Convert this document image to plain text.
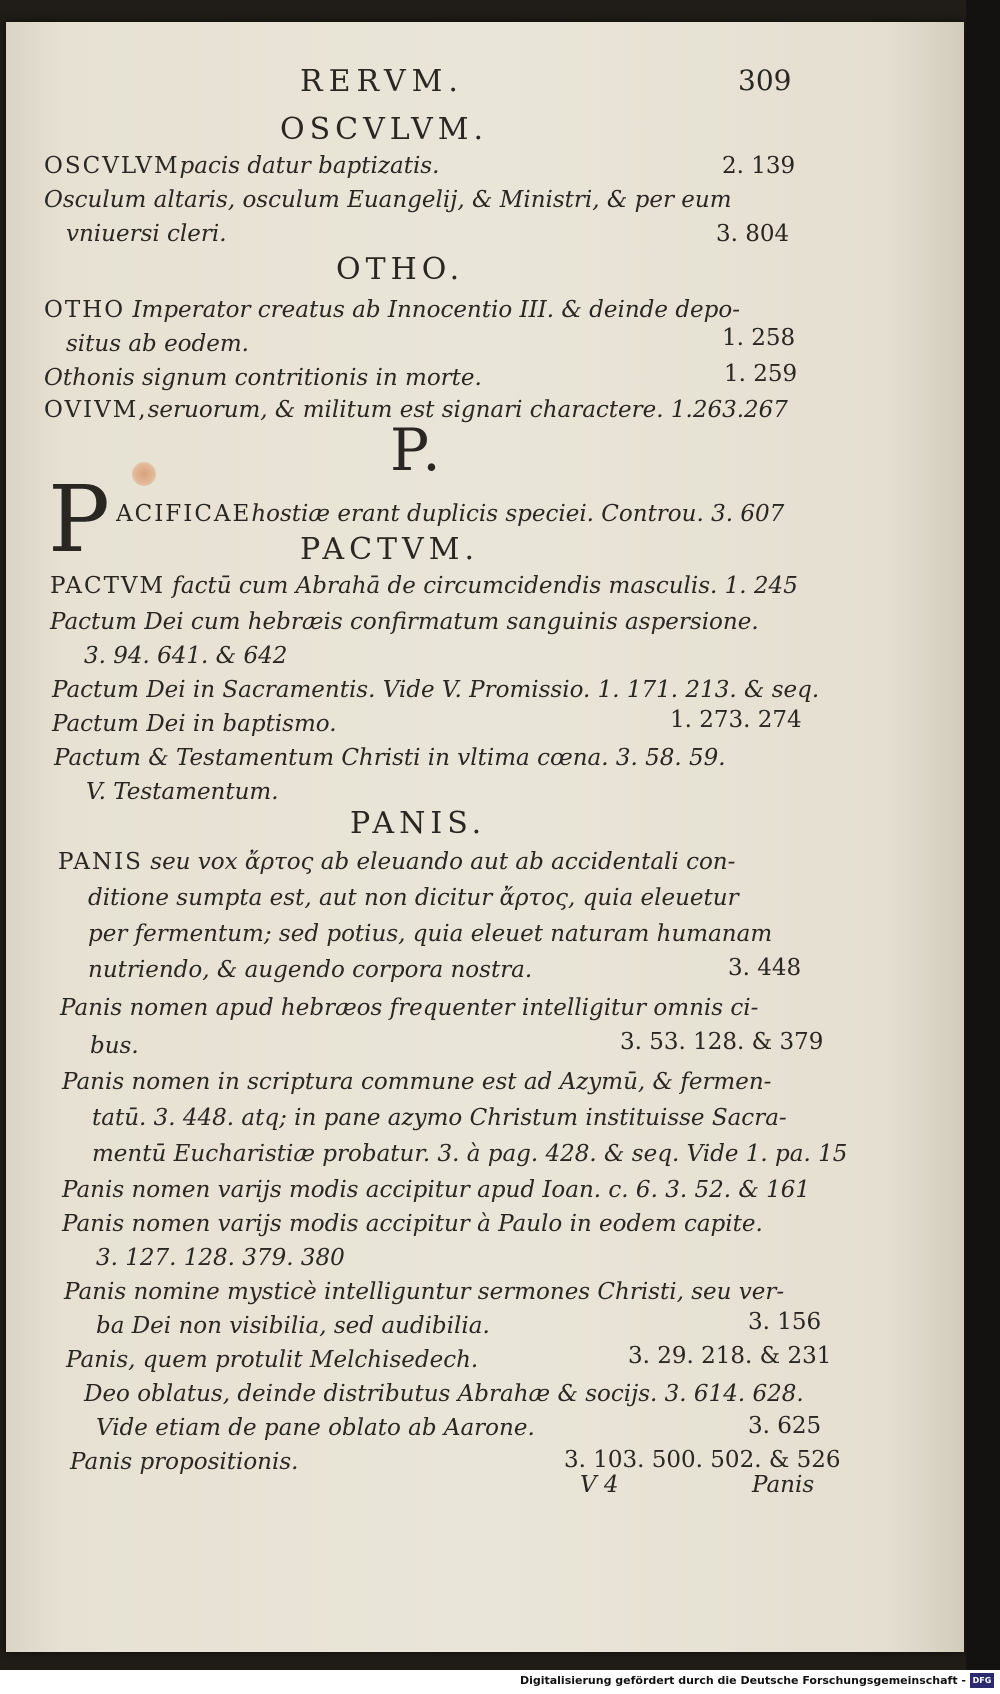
RERVM.	309
OSCVLVM.
OSCVLVMpacis datur baptizatis.	2. 139
Osculum altaris, osculum Euangelij, & Ministri, & per eum
vniuersi cleri.	3. 804
OTHO.
OTHO Imperator creatus ab Innocentio III. & deinde depo-
situs ab eodem.	1. 258
Othonis signum contritionis in morte.	1. 259
OVIVM,seruorum, & militum est signari charactere. 1.263.267
P.
P ACIFICAEhostiæ erant duplicis speciei. Controu. 3. 607
PACTVM.
PACTVM factū cum Abrahā de circumcidendis masculis. 1. 245
Pactum Dei cum hebræis confirmatum sanguinis aspersione.
3. 94. 641. & 642
Pactum Dei in Sacramentis. Vide V. Promissio. 1. 171. 213. & seq.
Pactum Dei in baptismo.	1. 273. 274
Pactum & Testamentum Christi in vltima cœna. 3. 58. 59.
V. Testamentum.
PANIS.
PANIS seu vox ἄρτος ab eleuando aut ab accidentali con-
ditione sumpta est, aut non dicitur ἄρτος, quia eleuetur
per fermentum; sed potius, quia eleuet naturam humanam
nutriendo, & augendo corpora nostra.	3. 448
Panis nomen apud hebræos frequenter intelligitur omnis ci-
bus.	3. 53. 128. & 379
Panis nomen in scriptura commune est ad Azymū, & fermen-
tatū. 3. 448. atq; in pane azymo Christum instituisse Sacra-
mentū Eucharistiæ probatur. 3. à pag. 428. & seq. Vide 1. pa. 15
Panis nomen varijs modis accipitur apud Ioan. c. 6. 3. 52. & 161
Panis nomen varijs modis accipitur à Paulo in eodem capite.
3. 127. 128. 379. 380
Panis nomine mysticè intelliguntur sermones Christi, seu ver-
ba Dei non visibilia, sed audibilia.	3. 156
Panis, quem protulit Melchisedech.	3. 29. 218. & 231
Deo oblatus, deinde distributus Abrahæ & socijs. 3. 614. 628.
Vide etiam de pane oblato ab Aarone.	3. 625
Panis propositionis.	3. 103. 500. 502. & 526
V 4	Panis
Digitalisierung gefördert durch die Deutsche Forschungsgemeinschaft - DFG
